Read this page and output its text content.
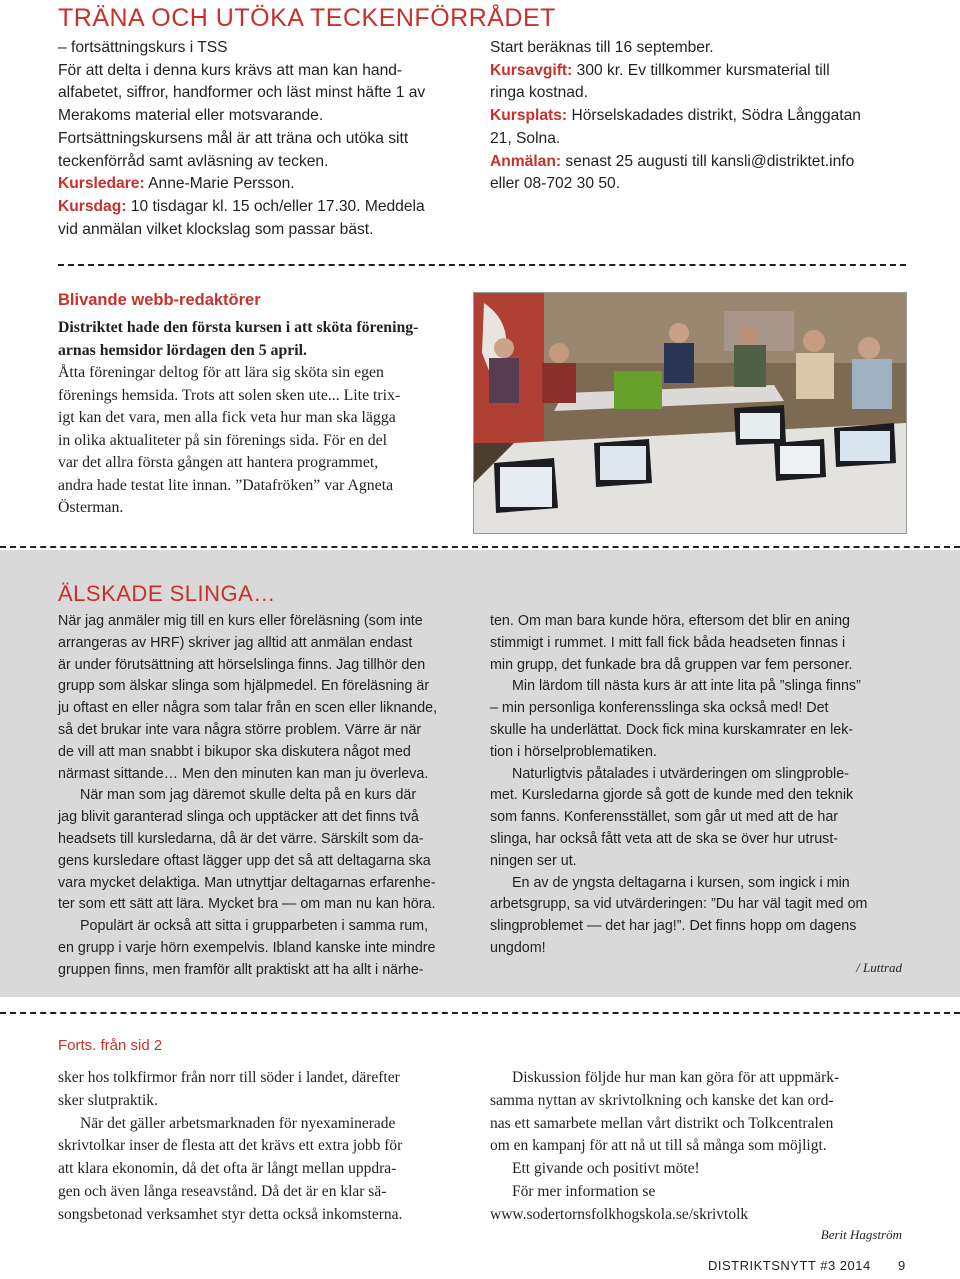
TRÄNA OCH UTÖKA TECKENFÖRRÅDET
– fortsättningskurs i TSS
För att delta i denna kurs krävs att man kan hand-
alfabetet, siffror, handformer och läst minst häfte 1 av
Merakoms material eller motsvarande.
Fortsättningskursens mål är att träna och utöka sitt
teckenförråd samt avläsning av tecken.
Kursledare: Anne-Marie Persson.
Kursdag: 10 tisdagar kl. 15 och/eller 17.30. Meddela
vid anmälan vilket klockslag som passar bäst.
Start beräknas till 16 september.
Kursavgift: 300 kr. Ev tillkommer kursmaterial till
ringa kostnad.
Kursplats: Hörselskadades distrikt, Södra Långgatan
21, Solna.
Anmälan: senast 25 augusti till kansli@distriktet.info
eller 08-702 30 50.
Blivande webb-redaktörer
Distriktet hade den första kursen i att sköta förening-
arnas hemsidor lördagen den 5 april.
Åtta föreningar deltog för att lära sig sköta sin egen
förenings hemsida. Trots att solen sken ute... Lite trix-
igt kan det vara, men alla fick veta hur man ska lägga
in olika aktualiteter på sin förenings sida. För en del
var det allra första gången att hantera programmet,
andra hade testat lite innan. ”Datafröken” var Agneta
Österman.
ÄLSKADE SLINGA…
När jag anmäler mig till en kurs eller föreläsning (som inte
arrangeras av HRF) skriver jag alltid att anmälan endast
är under förutsättning att hörselslinga finns. Jag tillhör den
grupp som älskar slinga som hjälpmedel. En föreläsning är
ju oftast en eller några som talar från en scen eller liknande,
så det brukar inte vara några större problem. Värre är när
de vill att man snabbt i bikupor ska diskutera något med
närmast sittande… Men den minuten kan man ju överleva.
När man som jag däremot skulle delta på en kurs där
jag blivit garanterad slinga och upptäcker att det finns två
headsets till kursledarna, då är det värre. Särskilt som da-
gens kursledare oftast lägger upp det så att deltagarna ska
vara mycket delaktiga. Man utnyttjar deltagarnas erfarenhe-
ter som ett sätt att lära. Mycket bra — om man nu kan höra.
Populärt är också att sitta i grupparbeten i samma rum,
en grupp i varje hörn exempelvis. Ibland kanske inte mindre
gruppen finns, men framför allt praktiskt att ha allt i närhe-
ten. Om man bara kunde höra, eftersom det blir en aning
stimmigt i rummet. I mitt fall fick båda headseten finnas i
min grupp, det funkade bra då gruppen var fem personer.
Min lärdom till nästa kurs är att inte lita på ”slinga finns”
– min personliga konferensslinga ska också med! Det
skulle ha underlättat. Dock fick mina kurskamrater en lek-
tion i hörselproblematiken.
Naturligtvis påtalades i utvärderingen om slingproble-
met. Kursledarna gjorde så gott de kunde med den teknik
som fanns. Konferensstället, som går ut med att de har
slinga, har också fått veta att de ska se över hur utrust-
ningen ser ut.
En av de yngsta deltagarna i kursen, som ingick i min
arbetsgrupp, sa vid utvärderingen: ”Du har väl tagit med om
slingproblemet — det har jag!”. Det finns hopp om dagens
ungdom!
/ Luttrad
Forts. från sid 2
sker hos tolkfirmor från norr till söder i landet, därefter
sker slutpraktik.
När det gäller arbetsmarknaden för nyexaminerade
skrivtolkar inser de flesta att det krävs ett extra jobb för
att klara ekonomin, då det ofta är långt mellan uppdra-
gen och även långa reseavstånd. Då det är en klar sä-
songsbetonad verksamhet styr detta också inkomsterna.
Diskussion följde hur man kan göra för att uppmärk-
samma nyttan av skrivtolkning och kanske det kan ord-
nas ett samarbete mellan vårt distrikt och Tolkcentralen
om en kampanj för att nå ut till så många som möjligt.
Ett givande och positivt möte!
För mer information se
www.sodertornsfolkhogskola.se/skrivtolk
Berit Hagström
DISTRIKTSNYTT #3 2014 9
